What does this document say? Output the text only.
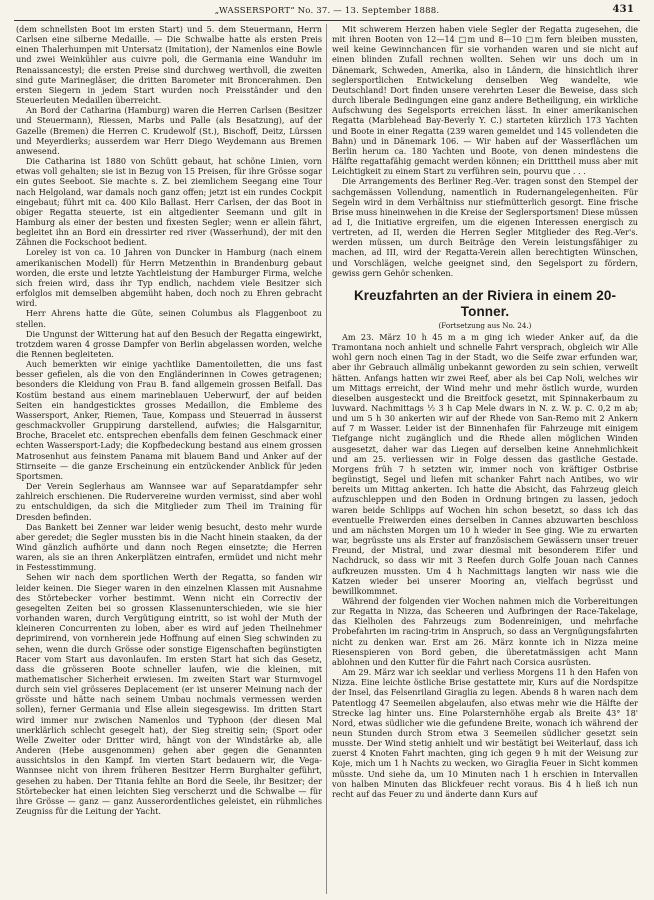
„WASSERSPORT“ No. 37. — 13. September 1888.	431

(dem schnellsten Boot im ersten Start) und 5. dem Steuermann, Herrn Carlsen eine silberne Medaille. — Die Schwalbe hatte als ersten Preis einen Thalerhumpen mit Untersatz (Imitation), der Namenlos eine Bowle und zwei Weinkühler aus cuivre poli, die Germania eine Wanduhr im Renaissancestyl; die ersten Preise sind durchweg werthvoll, die zweiten sind gute Marinegläser, die dritten Barometer mit Broncerahmen. Den ersten Siegern in jedem Start wurden noch Preisständer und den Steuerleuten Medaillen überreicht.

An Bord der Catharina (Hamburg) waren die Herren Carlsen (Besitzer und Steuermann), Riessen, Marbs und Palle (als Besatzung), auf der Gazelle (Bremen) die Herren C. Krudewolf (St.), Bischoff, Deitz, Lürssen und Meyerdierks; ausserdem war Herr Diego Weydemann aus Bremen anwesend.

Die Catharina ist 1880 von Schütt gebaut, hat schöne Linien, vorn etwas voll gehalten; sie ist in Bezug von 15 Preisen, für ihre Grösse sogar ein gutes Seeboot. Sie machte s. Z. bei ziemlichem Seegang eine Tour nach Helgoland, war damals noch ganz offen; jetzt ist ein rundes Cockpit eingebaut; führt mit ca. 400 Kilo Ballast. Herr Carlsen, der das Boot in obiger Regatta steuerte, ist ein altgedienter Seemann und gilt in Hamburg als einer der besten und fixesten Segler; wenn er allein fährt, begleitet ihn an Bord ein dressirter red river (Wasserhund), der mit den Zähnen die Fockschoot bedient.

Loreley ist von ca. 10 Jahren von Duncker in Hamburg (nach einem amerikanischen Modell) für Herrn Metzenthin in Brandenburg gebaut worden, die erste und letzte Yachtleistung der Hamburger Firma, welche sich freien wird, dass ihr Typ endlich, nachdem viele Besitzer sich erfolglos mit demselben abgemüht haben, doch noch zu Ehren gebracht wird.

Herr Ahrens hatte die Güte, seinen Columbus als Flaggenboot zu stellen.

Die Ungunst der Witterung hat auf den Besuch der Regatta eingewirkt, trotzdem waren 4 grosse Dampfer von Berlin abgelassen worden, welche die Rennen begleiteten.

Auch bemerkten wir einige yachtlike Damentoiletten, die uns fast besser gefielen, als die von den Engländerinnen in Cowes getragenen; besonders die Kleidung von Frau B. fand allgemein grossen Beifall. Das Kostüm bestand aus einem marineblauen Ueberwurf, der auf beiden Seiten ein handgesticktes grosses Medaillon, die Embleme des Wassersport, Anker, Riemen, Taue, Kompass und Steuerrad in äusserst geschmackvoller Gruppirung darstellend, aufwies; die Halsgarnitur, Broche, Bracelet etc. entsprechen ebenfalls dem feinen Geschmack einer echten Wassersport-Lady; die Kopfbedeckung bestand aus einem grossen Matrosenhut aus feinstem Panama mit blauem Band und Anker auf der Stirnseite — die ganze Erscheinung ein entzückender Anblick für jeden Sportsmen.

Der Verein Seglerhaus am Wannsee war auf Separatdampfer sehr zahlreich erschienen. Die Rudervereine wurden vermisst, sind aber wohl zu entschuldigen, da sich die Mitglieder zum Theil im Training für Dresden befinden.

Das Bankett bei Zenner war leider wenig besucht, desto mehr wurde aber geredet; die Segler mussten bis in die Nacht hinein staaken, da der Wind gänzlich aufhörte und dann noch Regen einsetzte; die Herren waren, als sie an ihren Ankerplätzen eintrafen, ermüdet und nicht mehr in Festesstimmung.

Sehen wir nach dem sportlichen Werth der Regatta, so fanden wir leider keinen. Die Sieger waren in den einzelnen Klassen mit Ausnahme des Störtebecker vorher bestimmt. Wenn nicht ein Correctiv der gesegelten Zeiten bei so grossen Klassenunterschieden, wie sie hier vorhanden waren, durch Vergütigung eintritt, so ist wohl der Muth der kleineren Concurrenten zu loben, aber es wird auf jeden Theilnehmer deprimirend, von vornherein jede Hoffnung auf einen Sieg schwinden zu sehen, wenn die durch Grösse oder sonstige Eigenschaften begünstigten Racer vom Start aus davonlaufen. Im ersten Start hat sich das Gesetz, dass die grösseren Boote schneller laufen, wie die kleinen, mit mathematischer Sicherheit erwiesen. Im zweiten Start war Sturmvogel durch sein viel grösseres Deplacement (er ist unserer Meinung nach der grösste und hätte nach seinem Umbau nochmals vermessen werden sollen), ferner Germania und Else allein siegesgewiss. Im dritten Start wird immer nur zwischen Namenlos und Typhoon (der diesen Mal unerklärlich schlecht gesegelt hat), der Sieg streitig sein; (Sport oder Welle Zweiter oder Dritter wird, hängt von der Windstärke ab, alle Anderen (Hebe ausgenommen) gehen aber gegen die Genannten aussichtslos in den Kampf. Im vierten Start bedauern wir, die Vega-Wannsee nicht von ihrem früheren Besitzer Herrn Burghalter geführt, gesehen zu haben. Der Titania fehlte an Bord die Seele, ihr Besitzer; der Störtebecker hat einen leichten Sieg verscherzt und die Schwalbe — für ihre Grösse — ganz — ganz Ausserordentliches geleistet, ein rühmliches Zeugniss für die Leitung der Yacht.

Mit schwerem Herzen haben viele Segler der Regatta zugesehen, die mit ihren Booten von 12—14 □m und 8—10 □m fern bleiben mussten, weil keine Gewinnchancen für sie vorhanden waren und sie nicht auf einen blinden Zufall rechnen wollten. Sehen wir uns doch um in Dänemark, Schweden, Amerika, also in Ländern, die hinsichtlich ihrer seglersportlichen Entwickelung denselben Weg wandelte, wie Deutschland! Dort finden unsere verehrten Leser die Beweise, dass sich durch liberale Bedingungen eine ganz andere Betheiligung, ein wirkliche Aufschwung des Segelsports erreichen lässt. In einer amerikanischen Regatta (Marblehead Bay-Beverly Y. C.) starteten kürzlich 173 Yachten und Boote in einer Regatta (239 waren gemeldet und 145 vollendeten die Bahn) und in Dänemark 106. — Wir haben auf der Wasserflächen um Berlin herum ca. 180 Yachten und Boote, von denen mindestens die Hälfte regattafähig gemacht werden können; ein Dritttheil muss aber mit Leichtigkeit zu einem Start zu verführen sein, pourvu que . . .

Die Arrangements des Berliner Reg.-Ver. tragen sonst den Stempel der sachgemässen Vollendung, namentlich in Rudernangelegenheiten. Für Segeln wird in dem Verhältniss nur stiefmütterlich gesorgt. Eine frische Brise muss hineinwehen in die Kreise der Seglersportsmen! Diese müssen ad I, die Initiative ergreifen, um die eigenen Interessen energisch zu vertreten, ad II, werden die Herren Segler Mitglieder des Reg.-Ver's. werden müssen, um durch Beiträge den Verein leistungsfähiger zu machen, ad III, wird der Regatta-Verein allen berechtigten Wünschen, und Vorschlägen, welche geeignet sind, den Segelsport zu fördern, gewiss gern Gehör schenken.

Kreuzfahrten an der Riviera in einem 20-Tonner.
(Fortsetzung aus No. 24.)

Am 23. März 10 h 45 m a m ging ich wieder Anker auf, da die Tramontana noch anhielt und schnelle Fahrt versprach, obgleich wir Alle wohl gern noch einen Tag in der Stadt, wo die Seife zwar erfunden war, aber ihr Gebrauch allmälig unbekannt geworden zu sein schien, verweilt hätten. Anfangs hatten wir zwei Reef, aber als bei Cap Noli, welches wir um Mittags erreicht, der Wind mehr und mehr östlich wurde, wurden dieselben ausgesteckt und die Breitfock gesetzt, mit Spinnakerbaum zu luvward. Nachmittags ½ 3 h Cap Mele dwars in N. z. W. p. C. 0,2 m ab; und um 5 h 30 ankerten wir auf der Rhede von San-Remo mit 2 Ankern auf 7 m Wasser. Leider ist der Binnenhafen für Fahrzeuge mit einigem Tiefgange nicht zugänglich und die Rhede allen möglichen Winden ausgesetzt, daher war das Liegen auf derselben keine Annehmlichkeit und am 25. verliessen wir in Folge dessen das gastliche Gestade. Morgens früh 7 h setzten wir, immer noch von kräftiger Ostbrise begünstigt, Segel und liefen mit schanker Fahrt nach Antibes, wo wir bereits um Mittag ankerten. Ich hatte die Absicht, das Fahrzeug gleich aufzuschleppen und den Boden in Ordnung bringen zu lassen, jedoch waren beide Schlipps auf Wochen hin schon besetzt, so dass ich das eventuelle Freiwerden eines derselben in Cannes abzuwarten beschloss und am nächsten Morgen um 10 h wieder in See ging. Wie zu erwarten war, begrüsste uns als Erster auf französischem Gewässern unser treuer Freund, der Mistral, und zwar diesmal mit besonderem Eifer und Nachdruck, so dass wir mit 3 Reefen durch Golfe Jouan nach Cannes aufkreuzen mussten. Um 4 h Nachmittags langten wir nass wie die Katzen wieder bei unserer Mooring an, vielfach begrüsst und bewillkommnet.

Während der folgenden vier Wochen nahmen mich die Vorbereitungen zur Regatta in Nizza, das Scheeren und Aufbringen der Race-Takelage, das Kielholen des Fahrzeugs zum Bodenreinigen, und mehrfache Probefahrten im racing-trim in Anspruch, so dass an Vergnügungsfahrten nicht zu denken war. Erst am 26. März konnte ich in Nizza meine Riesenspieren von Bord geben, die überetatmässigen acht Mann ablohnen und den Kutter für die Fahrt nach Corsica ausrüsten.

Am 29. März war ich seeklar und verliess Morgens 11 h den Hafen von Nizza. Eine leichte östliche Brise gestattete mir, Kurs auf die Nordspitze der Insel, das Felsenriland Giraglia zu legen. Abends 8 h waren nach dem Patentlogg 47 Seemeilen abgelaufen, also etwas mehr wie die Hälfte der Strecke lag hinter uns. Eine Polarsternhöhe ergab als Breite 43° 18' Nord, etwas südlicher wie die gefundene Breite, wonach ich während der neun Stunden durch Strom etwa 3 Seemeilen südlicher gesetzt sein musste. Der Wind stetig anhielt und wir bestätigt bei Weiterlauf, dass ich zuerst 4 Knoten Fahrt machten, ging ich gegen 9 h mit der Weisung zur Koje, mich um 1 h Nachts zu wecken, wo Giraglia Feuer in Sicht kommen müsste. Und siehe da, um 10 Minuten nach 1 h erschien in Intervallen von halben Minuten das Blickfeuer recht voraus. Bis 4 h ließ ich nun recht auf das Feuer zu und änderte dann Kurs auf
